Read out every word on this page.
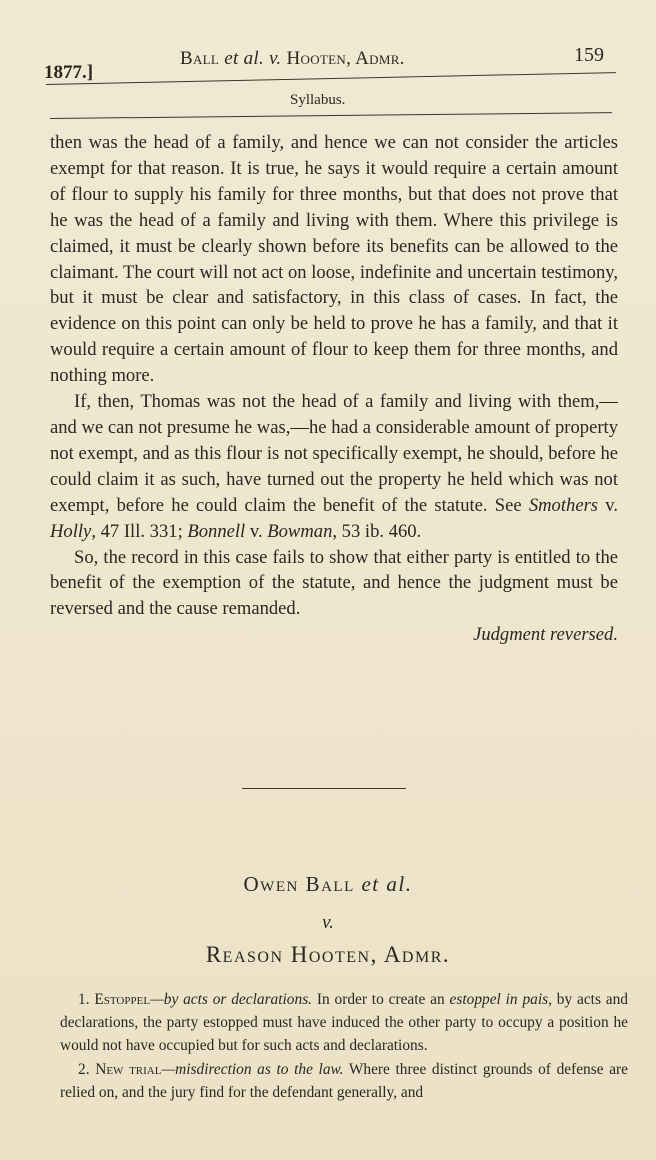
1877.]
Ball et al. v. Hooten, Admr.	159
Syllabus.

then was the head of a family, and hence we can not consider the articles exempt for that reason. It is true, he says it would require a certain amount of flour to supply his family for three months, but that does not prove that he was the head of a family and living with them. Where this privilege is claimed, it must be clearly shown before its benefits can be allowed to the claimant. The court will not act on loose, indefinite and uncertain testimony, but it must be clear and satisfactory, in this class of cases. In fact, the evidence on this point can only be held to prove he has a family, and that it would require a certain amount of flour to keep them for three months, and nothing more.

If, then, Thomas was not the head of a family and living with them,—and we can not presume he was,—he had a considerable amount of property not exempt, and as this flour is not specifically exempt, he should, before he could claim it as such, have turned out the property he held which was not exempt, before he could claim the benefit of the statute. See Smothers v. Holly, 47 Ill. 331; Bonnell v. Bowman, 53 ib. 460.

So, the record in this case fails to show that either party is entitled to the benefit of the exemption of the statute, and hence the judgment must be reversed and the cause remanded.

Judgment reversed.

Owen Ball et al.
v.
Reason Hooten, Admr.

1. Estoppel—by acts or declarations. In order to create an estoppel in pais, by acts and declarations, the party estopped must have induced the other party to occupy a position he would not have occupied but for such acts and declarations.

2. New trial—misdirection as to the law. Where three distinct grounds of defense are relied on, and the jury find for the defendant generally, and
